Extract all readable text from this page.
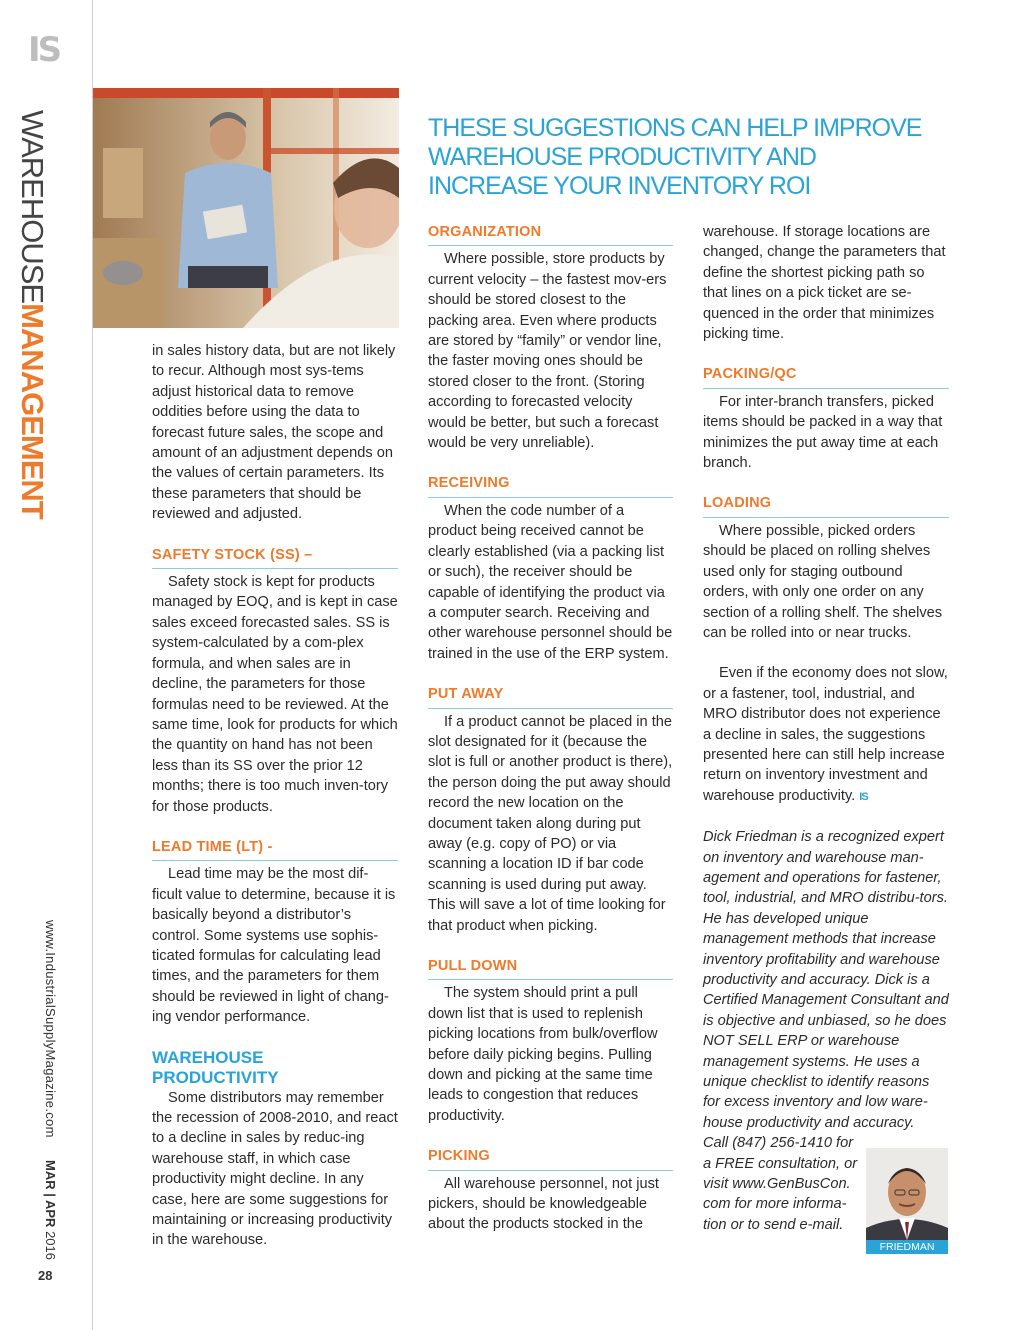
IS
WAREHOUSEMANAGEMENT
www.IndustrialSupplyMagazine.com
MAR | APR 2016
28
THESE SUGGESTIONS CAN HELP IMPROVE
WAREHOUSE PRODUCTIVITY AND
INCREASE YOUR INVENTORY ROI

in sales history data, but are not likely to recur. Although most sys-tems adjust historical data to remove oddities before using the data to forecast future sales, the scope and amount of an adjustment depends on the values of certain parameters. Its these parameters that should be reviewed and adjusted.

SAFETY STOCK (SS) –

Safety stock is kept for products managed by EOQ, and is kept in case sales exceed forecasted sales. SS is system-calculated by a com-plex formula, and when sales are in decline, the parameters for those formulas need to be reviewed. At the same time, look for products for which the quantity on hand has not been less than its SS over the prior 12 months; there is too much inven-tory for those products.

LEAD TIME (LT) -

Lead time may be the most dif-ficult value to determine, because it is basically beyond a distributor’s control. Some systems use sophis-ticated formulas for calculating lead times, and the parameters for them should be reviewed in light of chang-ing vendor performance.

WAREHOUSE
PRODUCTIVITY

Some distributors may remember the recession of 2008-2010, and react to a decline in sales by reduc-ing warehouse staff, in which case productivity might decline. In any case, here are some suggestions for maintaining or increasing productivity in the warehouse.

ORGANIZATION

Where possible, store products by current velocity – the fastest mov-ers should be stored closest to the packing area. Even where products are stored by “family” or vendor line, the faster moving ones should be stored closer to the front. (Storing according to forecasted velocity would be better, but such a forecast would be very unreliable).

RECEIVING

When the code number of a product being received cannot be clearly established (via a packing list or such), the receiver should be capable of identifying the product via a computer search. Receiving and other warehouse personnel should be trained in the use of the ERP system.

PUT AWAY

If a product cannot be placed in the slot designated for it (because the slot is full or another product is there), the person doing the put away should record the new location on the document taken along during put away (e.g. copy of PO) or via scanning a location ID if bar code scanning is used during put away. This will save a lot of time looking for that product when picking.

PULL DOWN

The system should print a pull down list that is used to replenish picking locations from bulk/overflow before daily picking begins. Pulling down and picking at the same time leads to congestion that reduces productivity.

PICKING

All warehouse personnel, not just pickers, should be knowledgeable about the products stocked in the

warehouse. If storage locations are changed, change the parameters that define the shortest picking path so that lines on a pick ticket are se-quenced in the order that minimizes picking time.

PACKING/QC

For inter-branch transfers, picked items should be packed in a way that minimizes the put away time at each branch.

LOADING

Where possible, picked orders should be placed on rolling shelves used only for staging outbound orders, with only one order on any section of a rolling shelf. The shelves can be rolled into or near trucks.

Even if the economy does not slow, or a fastener, tool, industrial, and MRO distributor does not experience a decline in sales, the suggestions presented here can still help increase return on inventory investment and warehouse productivity. IS

Dick Friedman is a recognized expert on inventory and warehouse man-agement and operations for fastener, tool, industrial, and MRO distribu-tors. He has developed unique management methods that increase inventory profitability and warehouse productivity and accuracy. Dick is a Certified Management Consultant and is objective and unbiased, so he does NOT SELL ERP or warehouse management systems. He uses a unique checklist to identify reasons for excess inventory and low ware-house productivity and accuracy.

Call (847) 256-1410 for
a FREE consultation, or
visit www.GenBusCon.
com for more informa-
tion or to send e-mail.

FRIEDMAN
